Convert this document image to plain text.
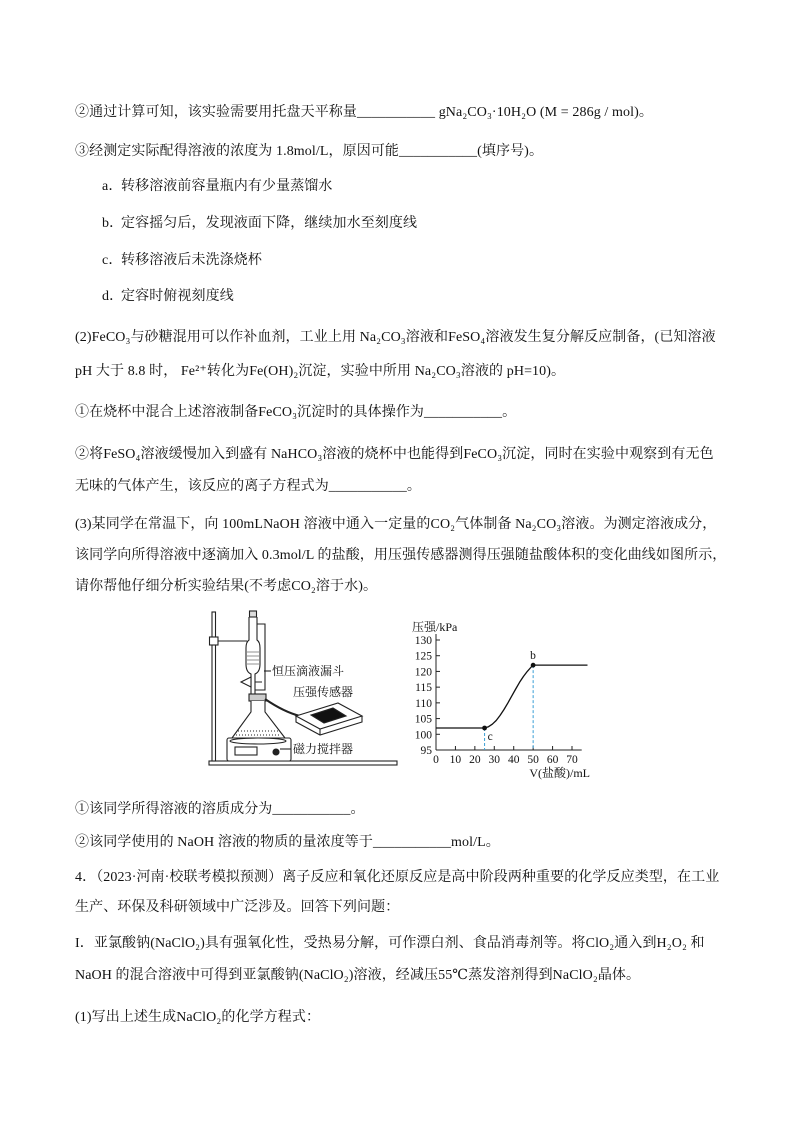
②通过计算可知，该实验需要用托盘天平称量___________ gNa₂CO₃·10H₂O (M = 286g / mol)。
③经测定实际配得溶液的浓度为 1.8mol/L，原因可能___________(填序号)。
a．转移溶液前容量瓶内有少量蒸馏水
b．定容摇匀后，发现液面下降，继续加水至刻度线
c．转移溶液后未洗涤烧杯
d．定容时俯视刻度线
(2)FeCO₃与砂糖混用可以作补血剂，工业上用 Na₂CO₃溶液和FeSO₄溶液发生复分解反应制备，(已知溶液
pH 大于 8.8 时， Fe²⁺转化为Fe(OH)₂沉淀，实验中所用 Na₂CO₃溶液的 pH=10)。
①在烧杯中混合上述溶液制备FeCO₃沉淀时的具体操作为___________。
②将FeSO₄溶液缓慢加入到盛有 NaHCO₃溶液的烧杯中也能得到FeCO₃沉淀，同时在实验中观察到有无色
无味的气体产生，该反应的离子方程式为___________。
(3)某同学在常温下，向 100mLNaOH 溶液中通入一定量的CO₂气体制备 Na₂CO₃溶液。为测定溶液成分，
该同学向所得溶液中逐滴加入 0.3mol/L 的盐酸，用压强传感器测得压强随盐酸体积的变化曲线如图所示，
请你帮他仔细分析实验结果(不考虑CO₂溶于水)。
恒压滴液漏斗
压强传感器
磁力搅拌器	95
100
105
110
115
120
125
130
0 10 20 30 40 50 60 70
压强/kPa
V(盐酸)/mL
c
b
①该同学所得溶液的溶质成分为___________。
②该同学使用的 NaOH 溶液的物质的量浓度等于___________mol/L。
4．（2023·河南·校联考模拟预测）离子反应和氧化还原反应是高中阶段两种重要的化学反应类型，在工业
生产、环保及科研领域中广泛涉及。回答下列问题：
I．亚氯酸钠(NaClO₂)具有强氧化性，受热易分解，可作漂白剂、食品消毒剂等。将ClO₂通入到H₂O₂ 和
NaOH 的混合溶液中可得到亚氯酸钠(NaClO₂)溶液，经减压55℃蒸发溶剂得到NaClO₂晶体。
(1)写出上述生成NaClO₂的化学方程式：
